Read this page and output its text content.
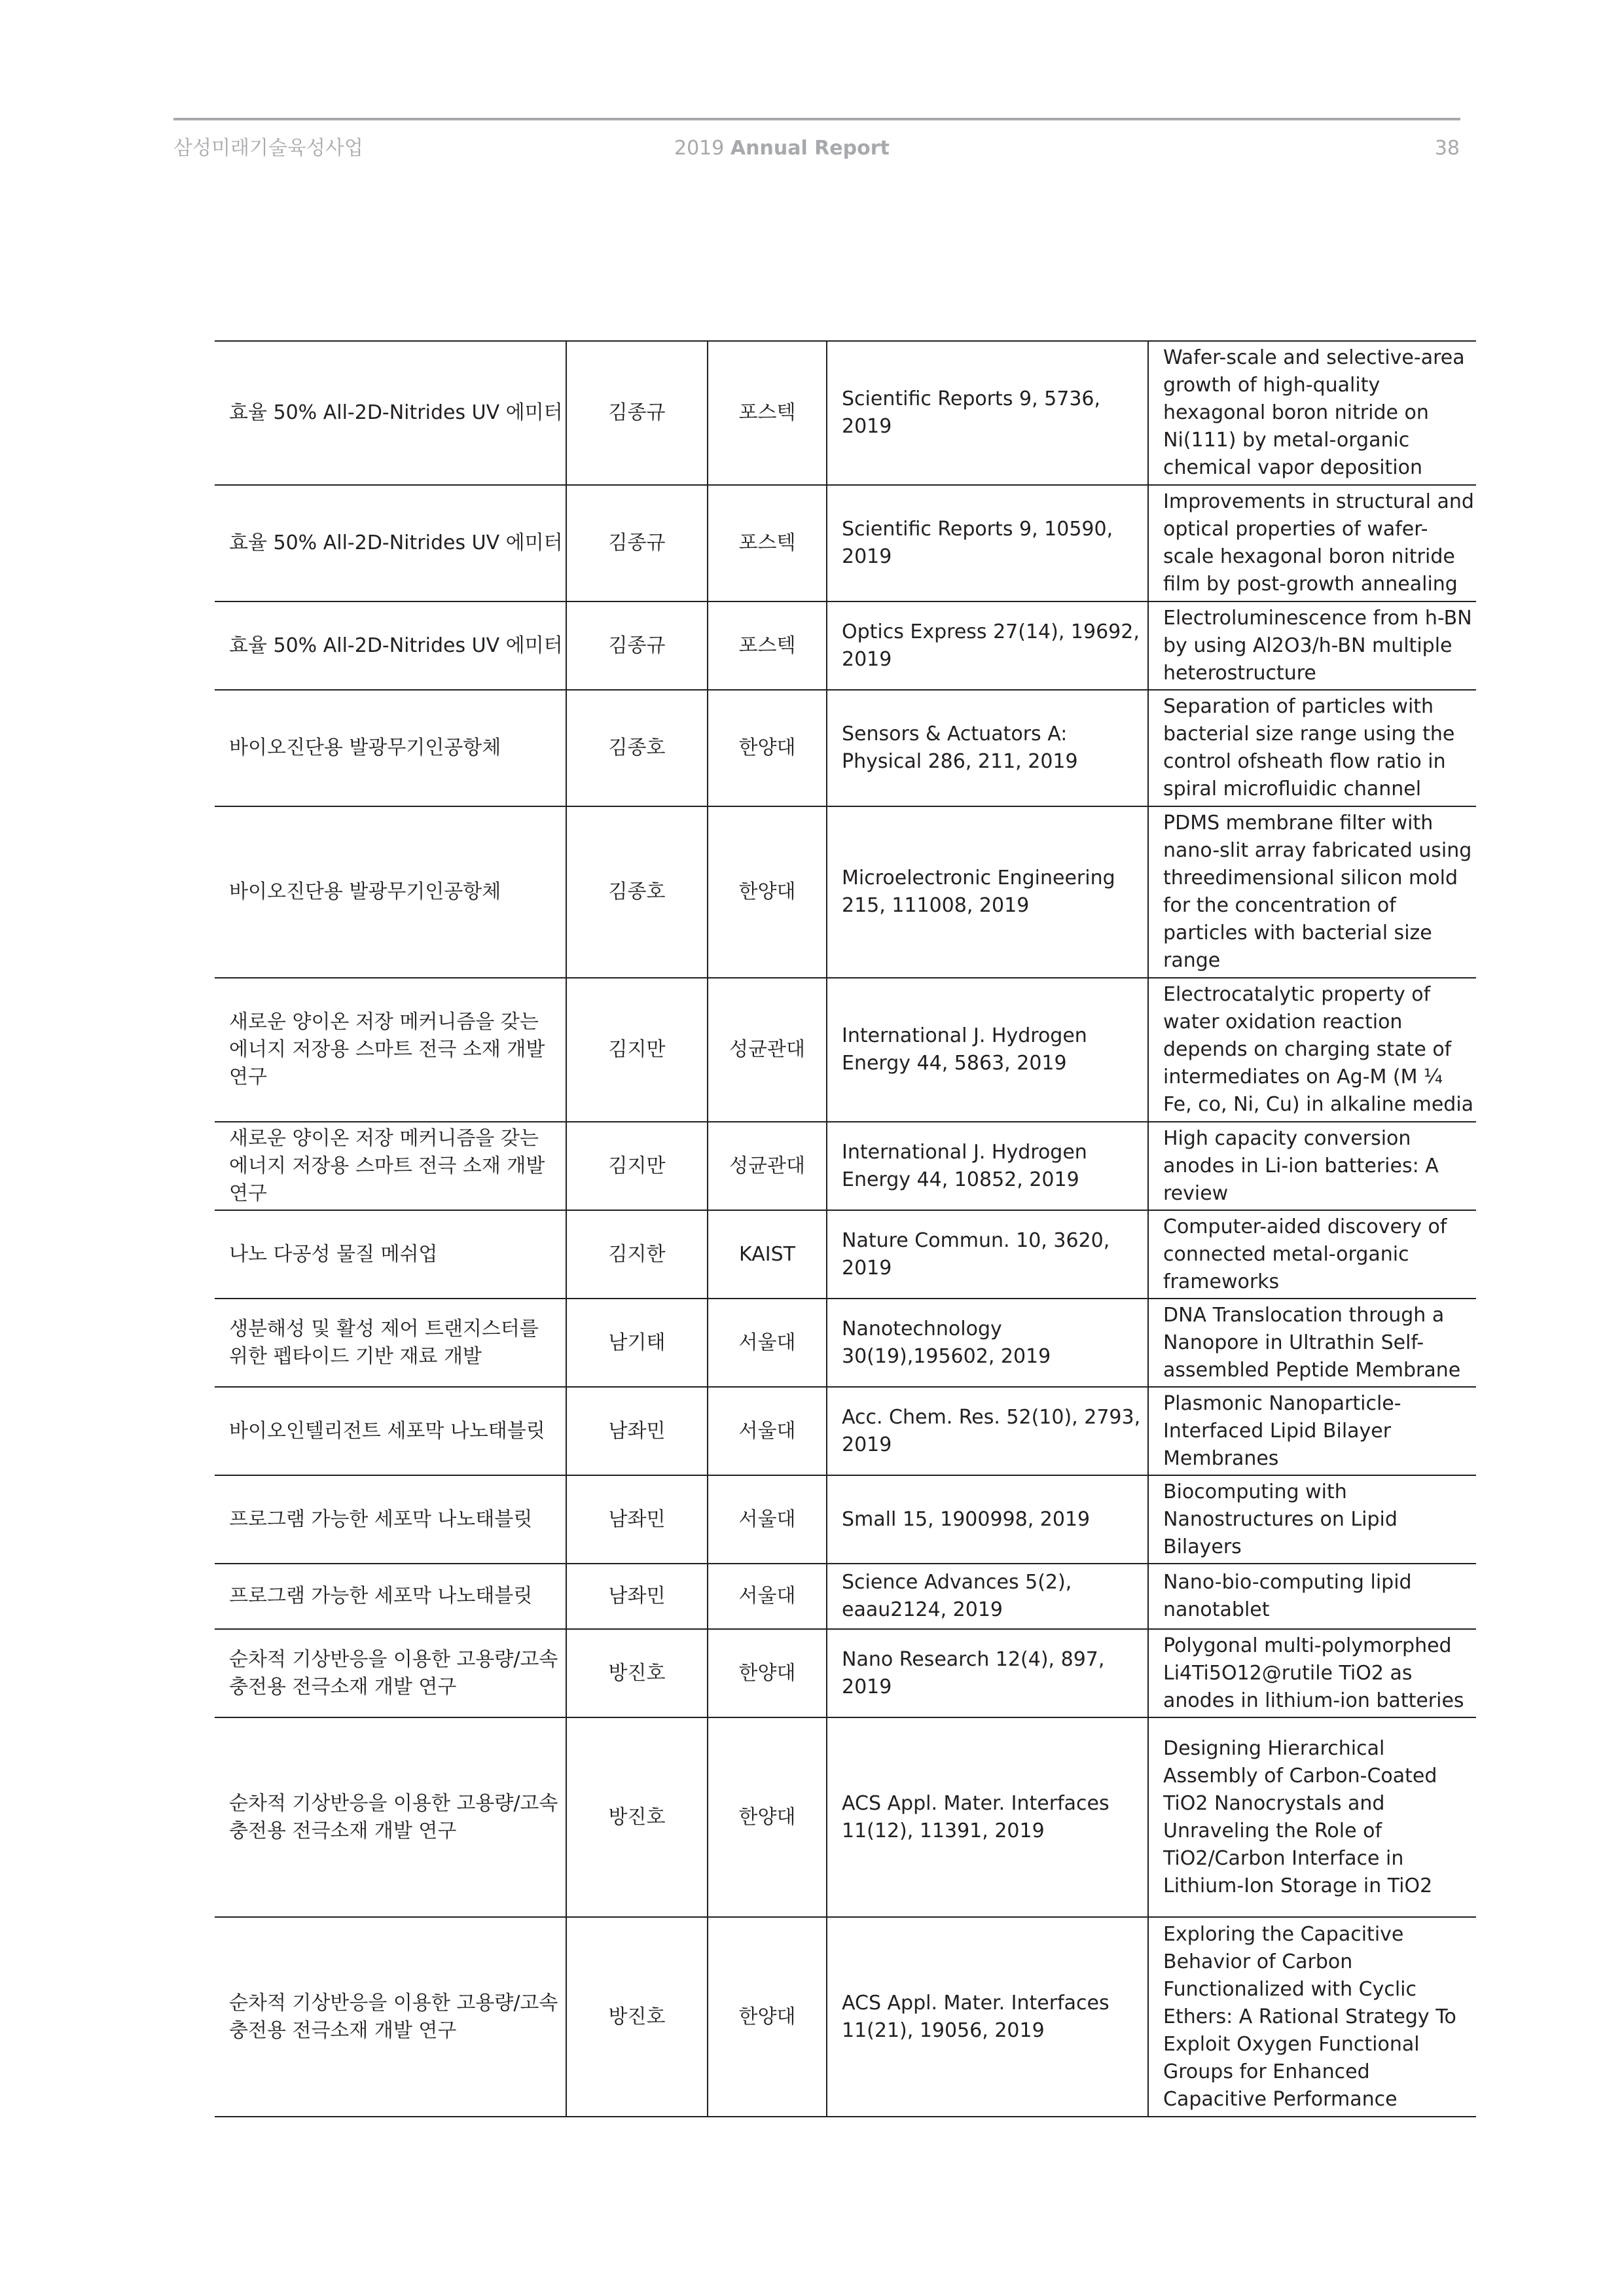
삼성미래기술육성사업	2019 Annual Report	38
효율 50% All-2D-Nitrides UV 에미터	김종규	포스텍	Scientific Reports 9, 5736, 2019	Wafer-scale and selective-area growth of high-quality hexagonal boron nitride on Ni(111) by metal-organic chemical vapor deposition
효율 50% All-2D-Nitrides UV 에미터	김종규	포스텍	Scientific Reports 9, 10590, 2019	Improvements in structural and optical properties of wafer-scale hexagonal boron nitride film by post-growth annealing
효율 50% All-2D-Nitrides UV 에미터	김종규	포스텍	Optics Express 27(14), 19692, 2019	Electroluminescence from h-BN by using Al2O3/h-BN multiple heterostructure
바이오진단용 발광무기인공항체	김종호	한양대	Sensors & Actuators A: Physical 286, 211, 2019	Separation of particles with bacterial size range using the control ofsheath flow ratio in spiral microfluidic channel
바이오진단용 발광무기인공항체	김종호	한양대	Microelectronic Engineering 215, 111008, 2019	PDMS membrane filter with nano-slit array fabricated using threedimensional silicon mold for the concentration of particles with bacterial size range
새로운 양이온 저장 메커니즘을 갖는 에너지 저장용 스마트 전극 소재 개발 연구	김지만	성균관대	International J. Hydrogen Energy 44, 5863, 2019	Electrocatalytic property of water oxidation reaction depends on charging state of intermediates on Ag-M (M ¼ Fe, co, Ni, Cu) in alkaline media
새로운 양이온 저장 메커니즘을 갖는 에너지 저장용 스마트 전극 소재 개발 연구	김지만	성균관대	International J. Hydrogen Energy 44, 10852, 2019	High capacity conversion anodes in Li-ion batteries: A review
나노 다공성 물질 메쉬업	김지한	KAIST	Nature Commun. 10, 3620, 2019	Computer-aided discovery of connected metal-organic frameworks
생분해성 및 활성 제어 트랜지스터를 위한 펩타이드 기반 재료 개발	남기태	서울대	Nanotechnology 30(19),195602, 2019	DNA Translocation through a Nanopore in Ultrathin Self-assembled Peptide Membrane
바이오인텔리전트 세포막 나노태블릿	남좌민	서울대	Acc. Chem. Res. 52(10), 2793, 2019	Plasmonic Nanoparticle-Interfaced Lipid Bilayer Membranes
프로그램 가능한 세포막 나노태블릿	남좌민	서울대	Small 15, 1900998, 2019	Biocomputing with Nanostructures on Lipid Bilayers
프로그램 가능한 세포막 나노태블릿	남좌민	서울대	Science Advances 5(2), eaau2124, 2019	Nano-bio-computing lipid nanotablet
순차적 기상반응을 이용한 고용량/고속충전용 전극소재 개발 연구	방진호	한양대	Nano Research 12(4), 897, 2019	Polygonal multi-polymorphed Li4Ti5O12@rutile TiO2 as anodes in lithium-ion batteries
순차적 기상반응을 이용한 고용량/고속충전용 전극소재 개발 연구	방진호	한양대	ACS Appl. Mater. Interfaces 11(12), 11391, 2019	Designing Hierarchical Assembly of Carbon-Coated TiO2 Nanocrystals and Unraveling the Role of TiO2/Carbon Interface in Lithium-Ion Storage in TiO2
순차적 기상반응을 이용한 고용량/고속충전용 전극소재 개발 연구	방진호	한양대	ACS Appl. Mater. Interfaces 11(21), 19056, 2019	Exploring the Capacitive Behavior of Carbon Functionalized with Cyclic Ethers: A Rational Strategy To Exploit Oxygen Functional Groups for Enhanced Capacitive Performance
